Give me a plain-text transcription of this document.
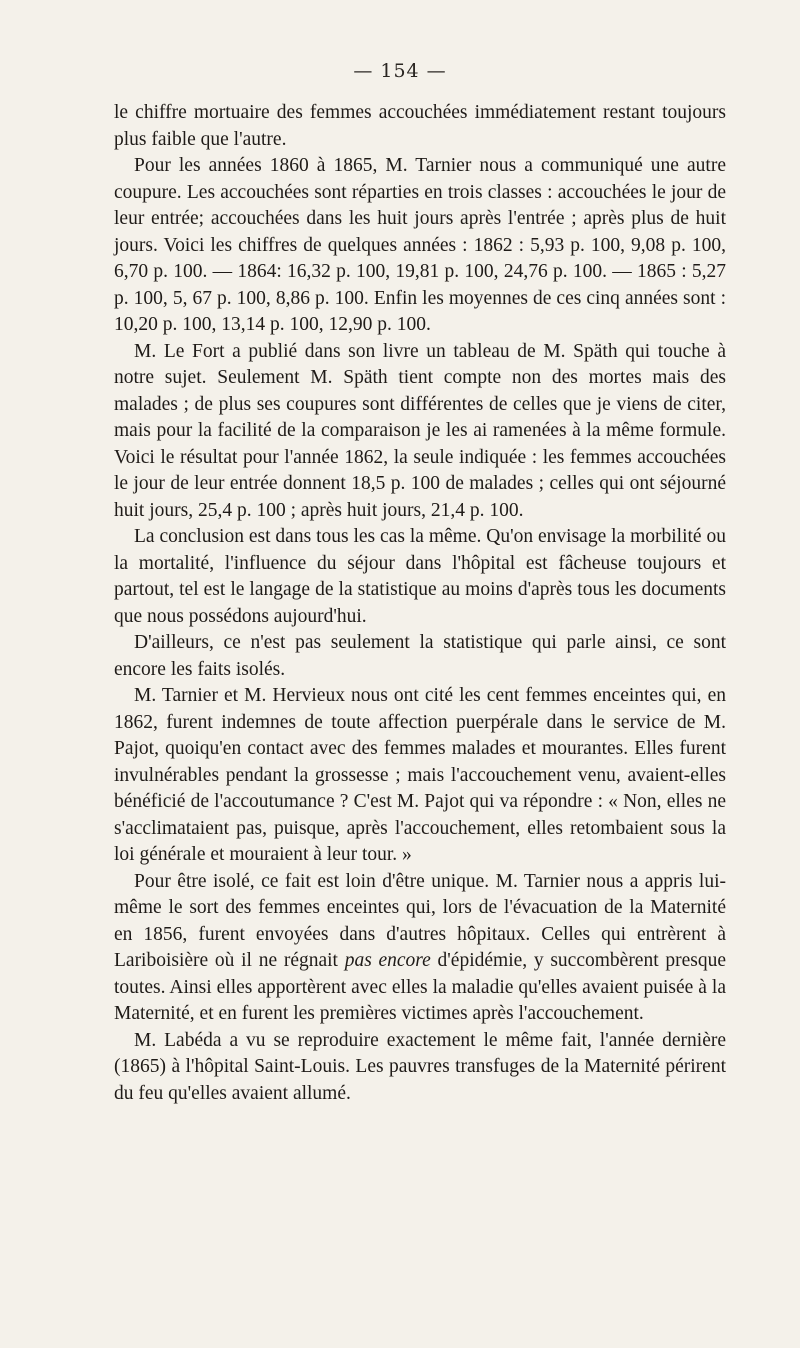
— 154 —

le chiffre mortuaire des femmes accouchées immédiatement restant toujours plus faible que l'autre.

Pour les années 1860 à 1865, M. Tarnier nous a communiqué une autre coupure. Les accouchées sont réparties en trois classes : accouchées le jour de leur entrée; accouchées dans les huit jours après l'entrée ; après plus de huit jours. Voici les chiffres de quelques années : 1862 : 5,93 p. 100, 9,08 p. 100, 6,70 p. 100. — 1864: 16,32 p. 100, 19,81 p. 100, 24,76 p. 100. — 1865 : 5,27 p. 100, 5, 67 p. 100, 8,86 p. 100. Enfin les moyennes de ces cinq années sont : 10,20 p. 100, 13,14 p. 100, 12,90 p. 100.

M. Le Fort a publié dans son livre un tableau de M. Späth qui touche à notre sujet. Seulement M. Späth tient compte non des mortes mais des malades ; de plus ses coupures sont différentes de celles que je viens de citer, mais pour la facilité de la comparaison je les ai ramenées à la même formule. Voici le résultat pour l'année 1862, la seule indiquée : les femmes accouchées le jour de leur entrée donnent 18,5 p. 100 de malades ; celles qui ont séjourné huit jours, 25,4 p. 100 ; après huit jours, 21,4 p. 100.

La conclusion est dans tous les cas la même. Qu'on envisage la morbilité ou la mortalité, l'influence du séjour dans l'hôpital est fâcheuse toujours et partout, tel est le langage de la statistique au moins d'après tous les documents que nous possédons aujourd'hui.

D'ailleurs, ce n'est pas seulement la statistique qui parle ainsi, ce sont encore les faits isolés.

M. Tarnier et M. Hervieux nous ont cité les cent femmes enceintes qui, en 1862, furent indemnes de toute affection puerpérale dans le service de M. Pajot, quoiqu'en contact avec des femmes malades et mourantes. Elles furent invulnérables pendant la grossesse ; mais l'accouchement venu, avaient-elles bénéficié de l'accoutumance ? C'est M. Pajot qui va répondre : « Non, elles ne s'acclimataient pas, puisque, après l'accouchement, elles retombaient sous la loi générale et mouraient à leur tour. »

Pour être isolé, ce fait est loin d'être unique. M. Tarnier nous a appris lui-même le sort des femmes enceintes qui, lors de l'évacuation de la Maternité en 1856, furent envoyées dans d'autres hôpitaux. Celles qui entrèrent à Lariboisière où il ne régnait pas encore d'épidémie, y succombèrent presque toutes. Ainsi elles apportèrent avec elles la maladie qu'elles avaient puisée à la Maternité, et en furent les premières victimes après l'accouchement.

M. Labéda a vu se reproduire exactement le même fait, l'année dernière (1865) à l'hôpital Saint-Louis. Les pauvres transfuges de la Maternité périrent du feu qu'elles avaient allumé.
